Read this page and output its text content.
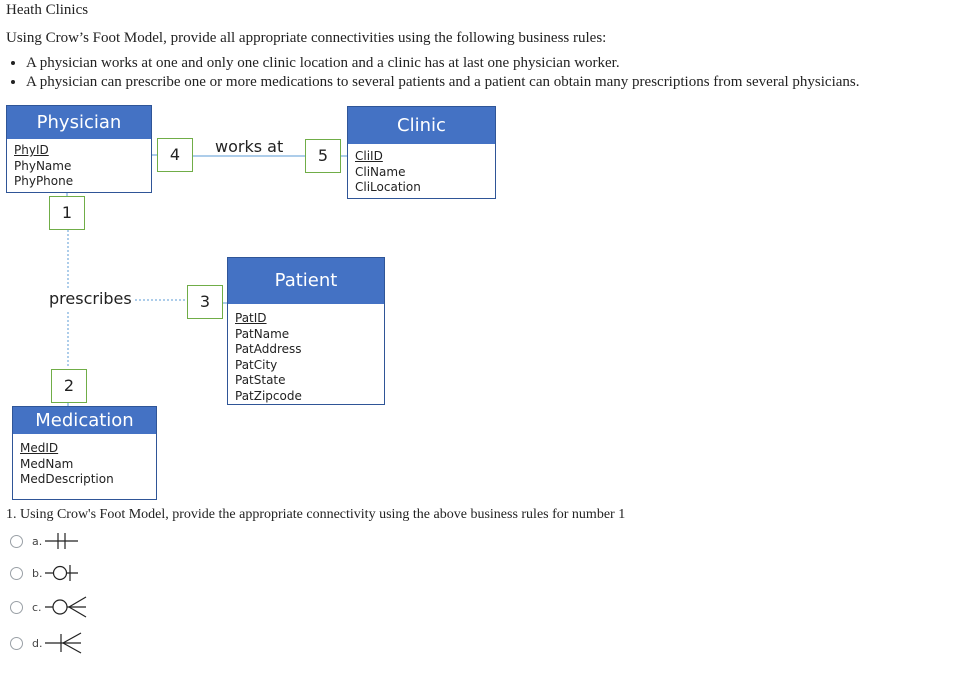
Heath Clinics
Using Crow’s Foot Model, provide all appropriate connectivities using the following business rules:
• A physician works at one and only one clinic location and a clinic has at last one physician worker.
• A physician can prescribe one or more medications to several patients and a patient can obtain many prescriptions from several physicians.
Physician
PhyID
PhyName
PhyPhone
Clinic
CliID
CliName
CliLocation
Patient
PatID
PatName
PatAddress
PatCity
PatState
PatZipcode
Medication
MedID
MedNam
MedDescription
1
2
3
4	5
works at
prescribes
1. Using Crow's Foot Model, provide the appropriate connectivity using the above business rules for number 1
a.
b.
c.
d.
